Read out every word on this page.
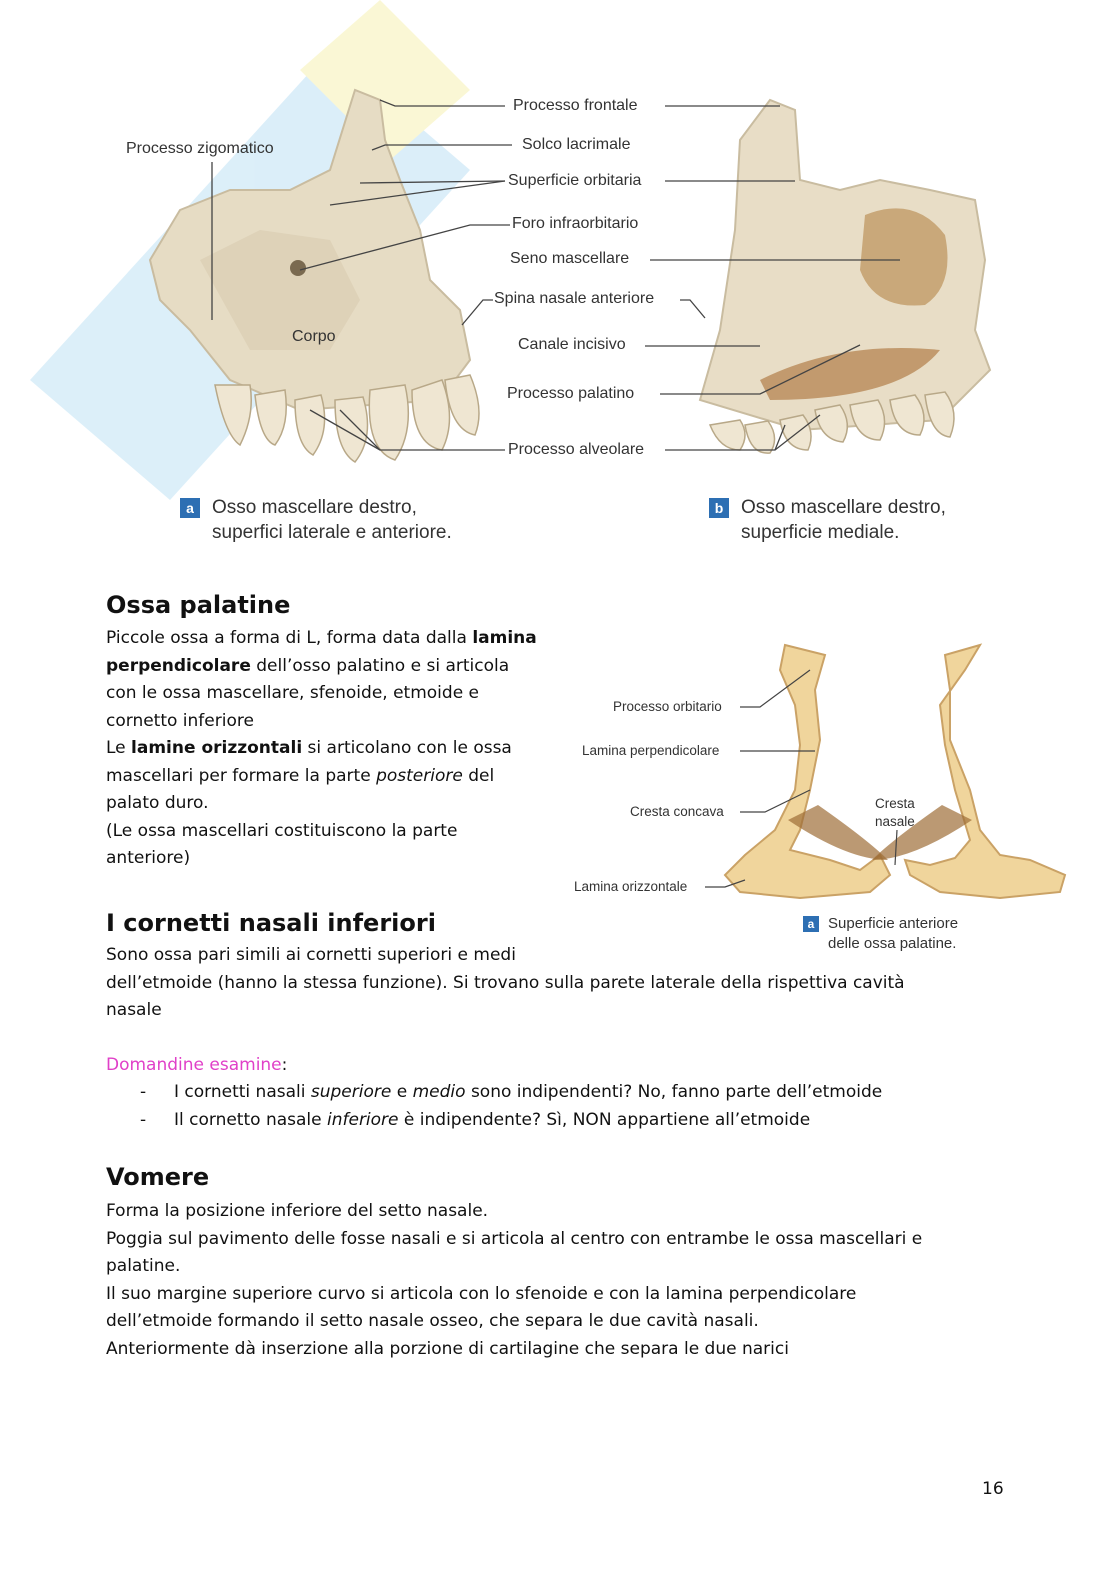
Processo zigomatico
Processo frontale
Solco lacrimale
Superficie orbitaria
Foro infraorbitario
Seno mascellare
Spina nasale anteriore
Canale incisivo
Processo palatino
Processo alveolare
Corpo
a Osso mascellare destro,
superfici laterale e anteriore.
b Osso mascellare destro,
superficie mediale.
Ossa palatine
Piccole ossa a forma di L, forma data dalla lamina
perpendicolare dell’osso palatino e si articola
con le ossa mascellare, sfenoide, etmoide e
cornetto inferiore
Le lamine orizzontali si articolano con le ossa
mascellari per formare la parte posteriore del
palato duro.
(Le ossa mascellari costituiscono la parte
anteriore)
Processo orbitario
Lamina perpendicolare
Cresta concava
Cresta
nasale
Lamina orizzontale
a Superficie anteriore
delle ossa palatine.
I cornetti nasali inferiori
Sono ossa pari simili ai cornetti superiori e medi
dell’etmoide (hanno la stessa funzione). Si trovano sulla parete laterale della rispettiva cavità
nasale
Domandine esamine:
- I cornetti nasali superiore e medio sono indipendenti? No, fanno parte dell’etmoide
- Il cornetto nasale inferiore è indipendente? Sì, NON appartiene all’etmoide
Vomere
Forma la posizione inferiore del setto nasale.
Poggia sul pavimento delle fosse nasali e si articola al centro con entrambe le ossa mascellari e
palatine.
Il suo margine superiore curvo si articola con lo sfenoide e con la lamina perpendicolare
dell’etmoide formando il setto nasale osseo, che separa le due cavità nasali.
Anteriormente dà inserzione alla porzione di cartilagine che separa le due narici
16
